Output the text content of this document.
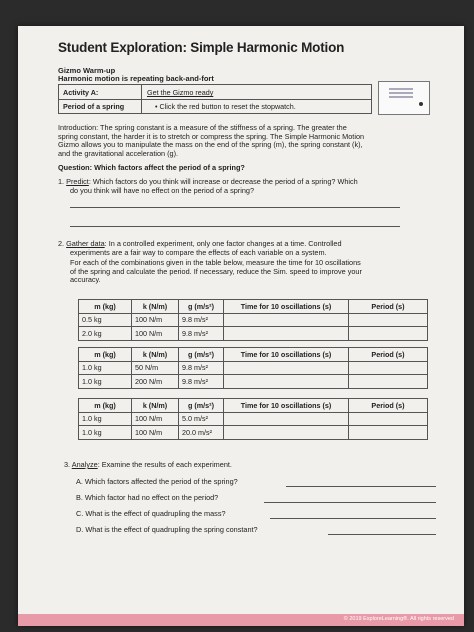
Student Exploration: Simple Harmonic Motion
Gizmo Warm-up
Harmonic motion is repeating back-and-fort
Activity A:	Get the Gizmo ready
Period of a spring	• Click the red button to reset the stopwatch.
Introduction: The spring constant is a measure of the stiffness of a spring. The greater the
spring constant, the harder it is to stretch or compress the spring. The Simple Harmonic Motion
Gizmo allows you to manipulate the mass on the end of the spring (m), the spring constant (k),
and the gravitational acceleration (g).
Question: Which factors affect the period of a spring?
1. Predict: Which factors do you think will increase or decrease the period of a spring? Which
do you think will have no effect on the period of a spring?
2. Gather data: In a controlled experiment, only one factor changes at a time. Controlled
experiments are a fair way to compare the effects of each variable on a system.
For each of the combinations given in the table below, measure the time for 10 oscillations
of the spring and calculate the period. If necessary, reduce the Sim. speed to improve your
accuracy.
m (kg)	k (N/m)	g (m/s²)	Time for 10 oscillations (s)	Period (s)
0.5 kg	100 N/m	9.8 m/s²		
2.0 kg	100 N/m	9.8 m/s²		
m (kg)	k (N/m)	g (m/s²)	Time for 10 oscillations (s)	Period (s)
1.0 kg	50 N/m	9.8 m/s²		
1.0 kg	200 N/m	9.8 m/s²		
m (kg)	k (N/m)	g (m/s²)	Time for 10 oscillations (s)	Period (s)
1.0 kg	100 N/m	5.0 m/s²		
1.0 kg	100 N/m	20.0 m/s²		
3. Analyze: Examine the results of each experiment.
A. Which factors affected the period of the spring?
B. Which factor had no effect on the period?
C. What is the effect of quadrupling the mass?
D. What is the effect of quadrupling the spring constant?
© 2019 ExploreLearning®. All rights reserved
